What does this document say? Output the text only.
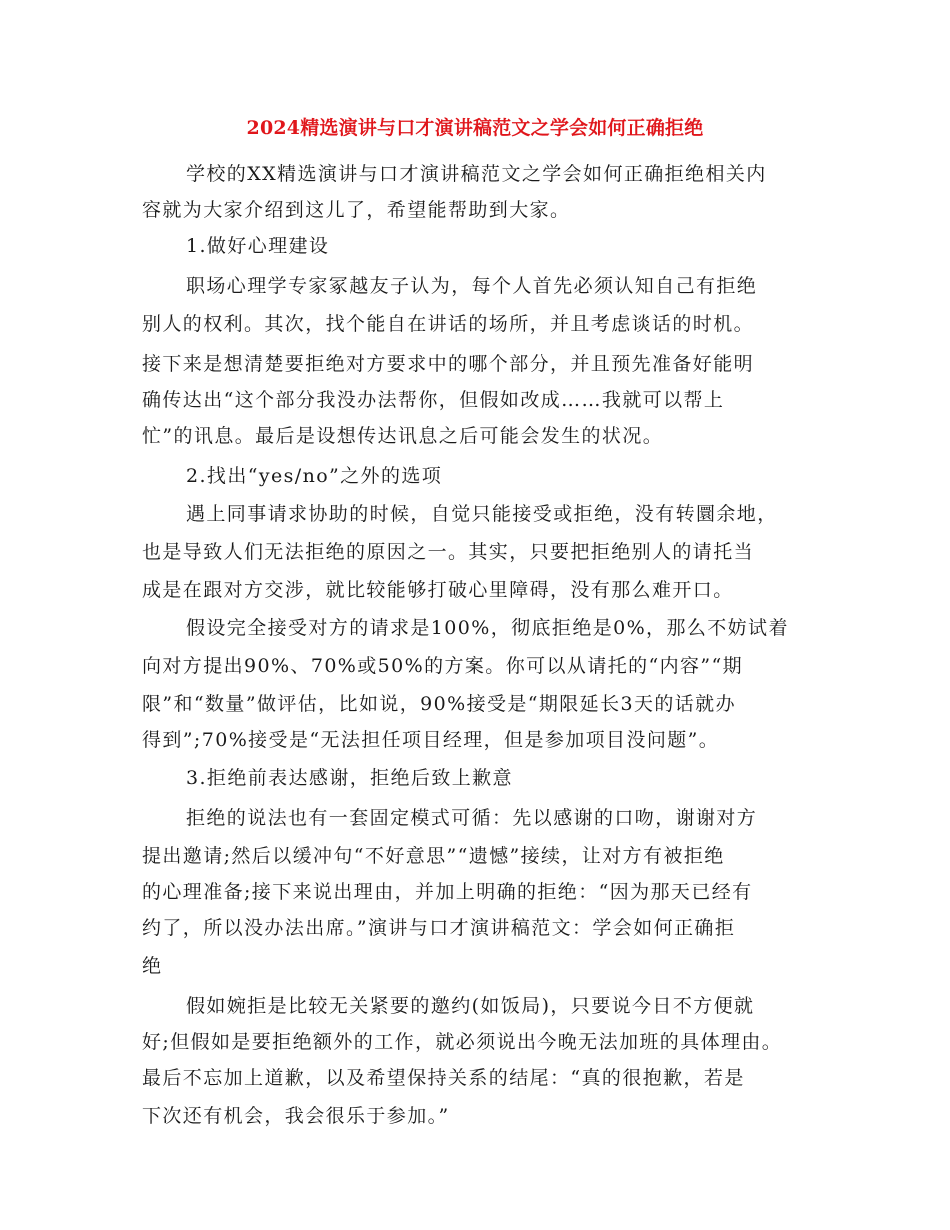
2024精选演讲与口才演讲稿范文之学会如何正确拒绝
学校的XX精选演讲与口才演讲稿范文之学会如何正确拒绝相关内
容就为大家介绍到这儿了，希望能帮助到大家。
1.做好心理建设
职场心理学专家冢越友子认为，每个人首先必须认知自己有拒绝
别人的权利。其次，找个能自在讲话的场所，并且考虑谈话的时机。
接下来是想清楚要拒绝对方要求中的哪个部分，并且预先准备好能明
确传达出“这个部分我没办法帮你，但假如改成……我就可以帮上
忙”的讯息。最后是设想传达讯息之后可能会发生的状况。
2.找出“yes/no”之外的选项
遇上同事请求协助的时候，自觉只能接受或拒绝，没有转圜余地，
也是导致人们无法拒绝的原因之一。其实，只要把拒绝别人的请托当
成是在跟对方交涉，就比较能够打破心里障碍，没有那么难开口。
假设完全接受对方的请求是100%，彻底拒绝是0%，那么不妨试着
向对方提出90%、70%或50%的方案。你可以从请托的“内容”“期
限”和“数量”做评估，比如说，90%接受是“期限延长3天的话就办
得到”;70%接受是“无法担任项目经理，但是参加项目没问题”。
3.拒绝前表达感谢，拒绝后致上歉意
拒绝的说法也有一套固定模式可循：先以感谢的口吻，谢谢对方
提出邀请;然后以缓冲句“不好意思”“遗憾”接续，让对方有被拒绝
的心理准备;接下来说出理由，并加上明确的拒绝：“因为那天已经有
约了，所以没办法出席。”演讲与口才演讲稿范文：学会如何正确拒
绝
假如婉拒是比较无关紧要的邀约(如饭局)，只要说今日不方便就
好;但假如是要拒绝额外的工作，就必须说出今晚无法加班的具体理由。
最后不忘加上道歉，以及希望保持关系的结尾：“真的很抱歉，若是
下次还有机会，我会很乐于参加。”
